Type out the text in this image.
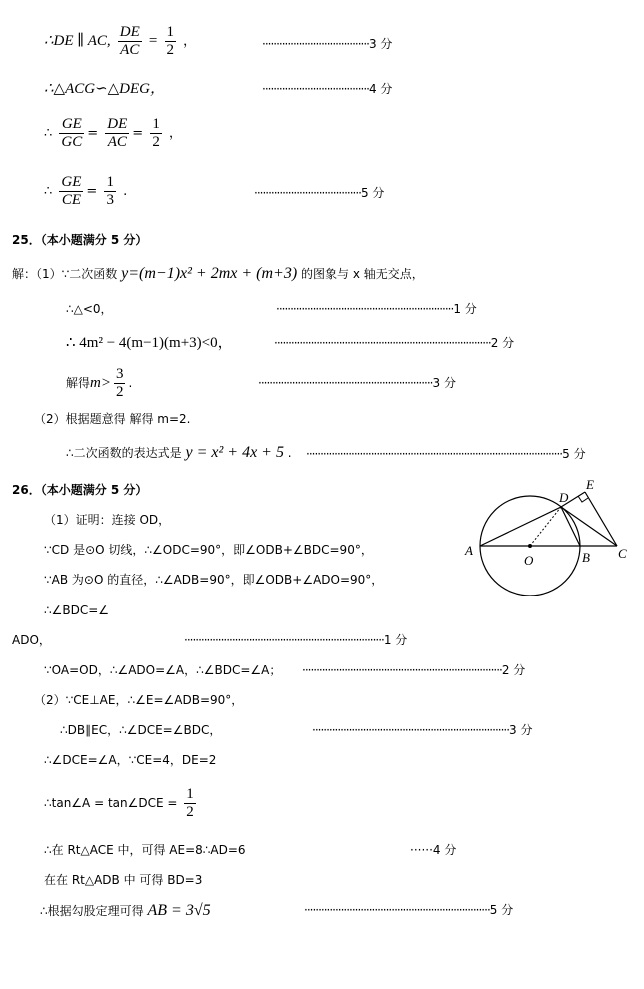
∴DE ∥ AC, $\frac{DE}{AC} = \frac{1}{2}$ ，	······································3 分
∴△ACG∽△DEG，	······································4 分
∴ $\frac{GE}{GC} = \frac{DE}{AC} = \frac{1}{2}$ ，
∴ $\frac{GE}{CE} = \frac{1}{3}$ .	······································5 分
25．（本小题满分 5 分）
解：（1）∵二次函数 y=(m−1)x² + 2mx + (m+3) 的图象与 x 轴无交点，
∴△<0，	·······························································1 分
∴ 4m² − 4(m−1)(m+3)<0，	·············································································2 分
解得$m> \frac{3}{2}$ .	······························································3 分
（2）根据题意得 解得 m=2.
∴二次函数的表达式是 y = x² + 4x + 5 . ···························································································5 分
26．（本小题满分 5 分）
（1）证明：连接 OD，
∵CD 是⊙O 切线，∴∠ODC=90°，即∠ODB+∠BDC=90°，
∵AB 为⊙O 的直径，∴∠ADB=90°，即∠ODB+∠ADO=90°，
∴∠BDC=∠
ADO，	·······································································1 分
∵OA=OD，∴∠ADO=∠A，∴∠BDC=∠A； ·······································································2 分
（2）∵CE⊥AE，∴∠E=∠ADB=90°，
∴DB∥EC，∴∠DCE=∠BDC，	······································································3 分
∴∠DCE=∠A，∵CE=4，DE=2
∴tan∠A = tan∠DCE = $\frac{1}{2}$
∴在 Rt△ACE 中，可得 AE=8∴AD=6	······4 分
在在 Rt△ADB 中 可得 BD=3
∴根据勾股定理可得 AB = 3√5	··································································5 分
A
O	B C
D
E
